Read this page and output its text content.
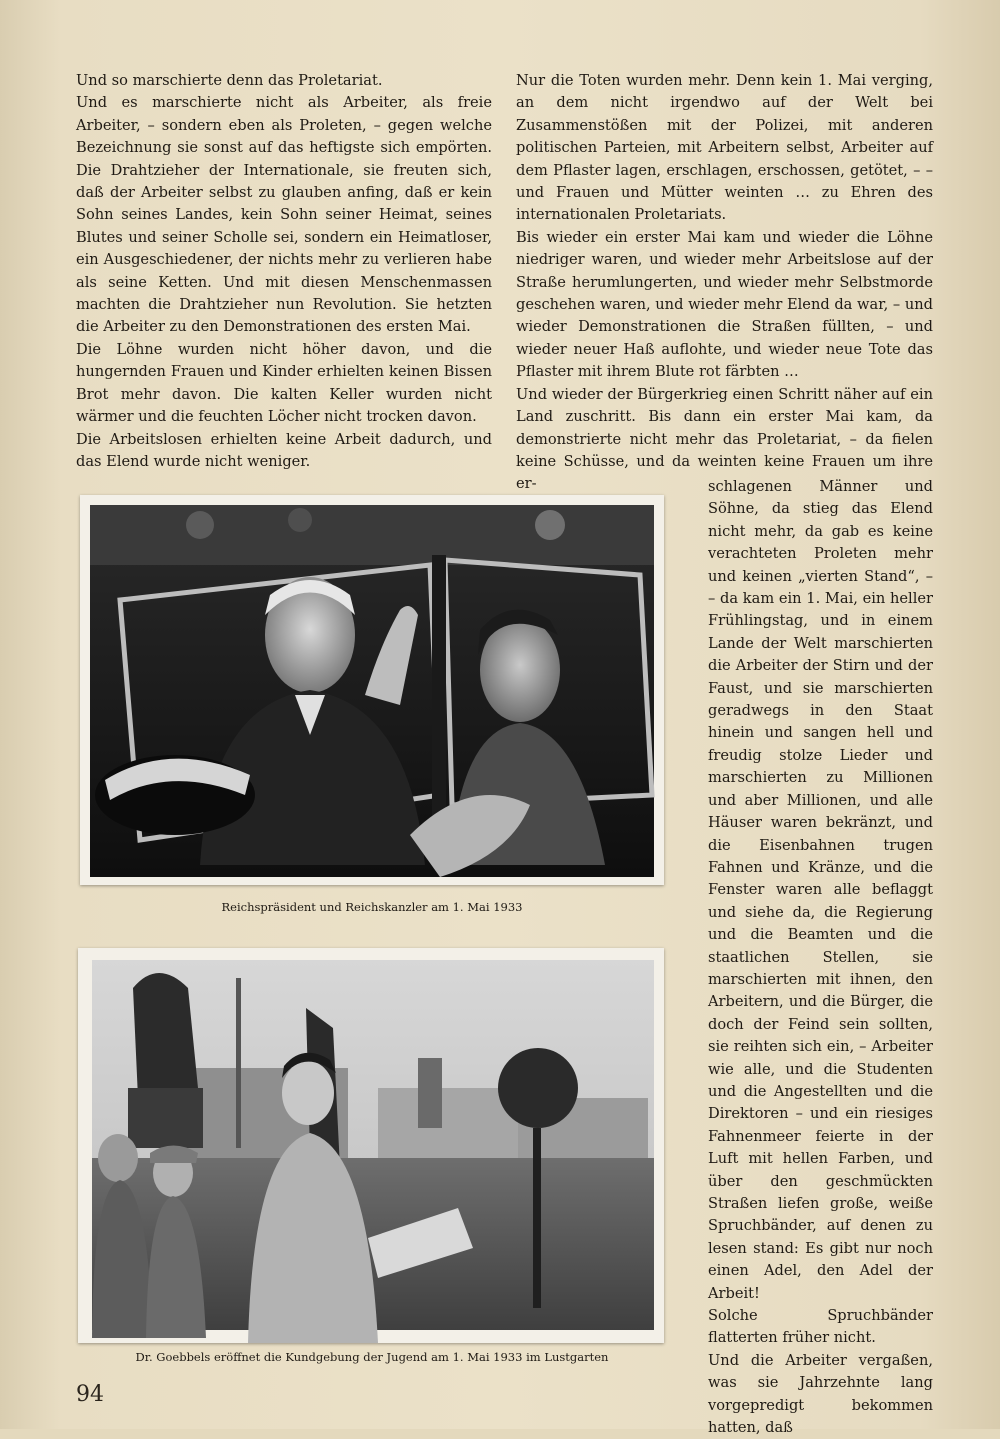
Und so marschierte denn das Proletariat.

Und es marschierte nicht als Arbeiter, als freie Arbeiter, – sondern eben als Proleten, – gegen welche Bezeichnung sie sonst auf das heftigste sich empörten. Die Drahtzieher der Internationale, sie freuten sich, daß der Arbeiter selbst zu glauben anfing, daß er kein Sohn seines Landes, kein Sohn seiner Heimat, seines Blutes und seiner Scholle sei, sondern ein Heimatloser, ein Ausgeschiedener, der nichts mehr zu verlieren habe als seine Ketten. Und mit diesen Menschenmassen machten die Drahtzieher nun Revolution. Sie hetzten die Arbeiter zu den Demonstrationen des ersten Mai.

Die Löhne wurden nicht höher davon, und die hungernden Frauen und Kinder erhielten keinen Bissen Brot mehr davon. Die kalten Keller wurden nicht wärmer und die feuchten Löcher nicht trocken davon.

Die Arbeitslosen erhielten keine Arbeit dadurch, und das Elend wurde nicht weniger.

Nur die Toten wurden mehr. Denn kein 1. Mai verging, an dem nicht irgendwo auf der Welt bei Zusammenstößen mit der Polizei, mit anderen politischen Parteien, mit Arbeitern selbst, Arbeiter auf dem Pflaster lagen, erschlagen, erschossen, getötet, – – und Frauen und Mütter weinten … zu Ehren des internationalen Proletariats.

Bis wieder ein erster Mai kam und wieder die Löhne niedriger waren, und wieder mehr Arbeitslose auf der Straße herumlungerten, und wieder mehr Selbstmorde geschehen waren, und wieder mehr Elend da war, – und wieder Demonstrationen die Straßen füllten, – und wieder neuer Haß auflohte, und wieder neue Tote das Pflaster mit ihrem Blute rot färbten …

Und wieder der Bürgerkrieg einen Schritt näher auf ein Land zuschritt. Bis dann ein erster Mai kam, da demonstrierte nicht mehr das Proletariat, – da fielen keine Schüsse, und da weinten keine Frauen um ihre er-	schlagenen Männer und Söhne, da stieg das Elend nicht mehr, da gab es keine verachteten Proleten mehr und keinen „vierten Stand“, – – da kam ein 1. Mai, ein heller Frühlingstag, und in einem Lande der Welt marschierten die Arbeiter der Stirn und der Faust, und sie marschierten geradwegs in den Staat hinein und sangen hell und freudig stolze Lieder und marschierten zu Millionen und aber Millionen, und alle Häuser waren bekränzt, und die Eisenbahnen trugen Fahnen und Kränze, und die Fenster waren alle beflaggt und siehe da, die Regierung und die Beamten und die staatlichen Stellen, sie marschierten mit ihnen, den Arbeitern, und die Bürger, die doch der Feind sein sollten, sie reihten sich ein, – Arbeiter wie alle, und die Studenten und die Angestellten und die Direktoren – und ein riesiges Fahnenmeer feierte in der Luft mit hellen Farben, und über den geschmückten Straßen liefen große, weiße Spruchbänder, auf denen zu lesen stand: Es gibt nur noch einen Adel, den Adel der Arbeit!

Solche Spruchbänder flatterten früher nicht.

Und die Arbeiter vergaßen, was sie Jahrzehnte lang vorgepredigt bekommen hatten, daß

Reichspräsident und Reichskanzler am 1. Mai 1933
Dr. Goebbels eröffnet die Kundgebung der Jugend am 1. Mai 1933 im Lustgarten
94
